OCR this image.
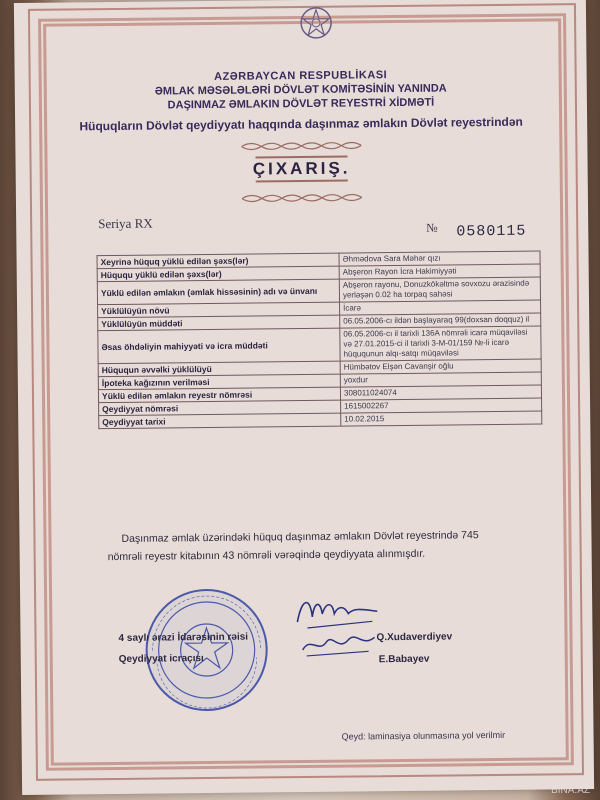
AZƏRBAYCAN RESPUBLİKASI
ƏMLAK MƏSƏLƏLƏRİ DÖVLƏT KOMİTƏSİNİN YANINDA
DAŞINMAZ ƏMLAKIN DÖVLƏT REYESTRİ XİDMƏTİ
Hüquqların Dövlət qeydiyyatı haqqında daşınmaz əmlakın Dövlət reyestrindən
ÇIXARIŞ.
Seriya RX	№ 0580115
Xeyrinə hüquq yüklü edilən şəxs(lər)	Əhmədova Sara Məhər qızı
Hüququ yüklü edilən şəxs(lər)	Abşeron Rayon İcra Hakimiyyəti
Yüklü edilən əmlakın (əmlak hissəsinin) adı və ünvanı	Abşeron rayonu, Donuzkökəltmə sovxozu ərazisində yerləşən 0.02 ha torpaq sahəsi
Yüklülüyün növü	İcarə
Yüklülüyün müddəti	06.05.2006-cı ildən başlayaraq 99(doxsan doqquz) il
Əsas öhdəliyin mahiyyəti və icra müddəti	06.05.2006-cı il tarixli 136A nömrəli icarə müqaviləsi və 27.01.2015-ci il tarixli 3-M-01/159 №-li icarə hüququnun alqı-satqı müqaviləsi
Hüququn əvvəlki yüklülüyü	Hümbətov Elşən Cavanşir oğlu
İpoteka kağızının verilməsi	yoxdur
Yüklü edilən əmlakın reyestr nömrəsi	308011024074
Qeydiyyat nömrəsi	1615002267
Qeydiyyat tarixi	10.02.2015
Daşınmaz əmlak üzərindəki hüquq daşınmaz əmlakın Dövlət reyestrində 745
nömrəli reyestr kitabının 43 nömrəli vərəqində qeydiyyata alınmışdır.
4 saylı ərazi İdarəsinin rəisi
Qeydiyyat icraçısı
Q.Xudaverdiyev
E.Babayev
Qeyd: laminasiya olunmasına yol verilmir
BINA.AZ
